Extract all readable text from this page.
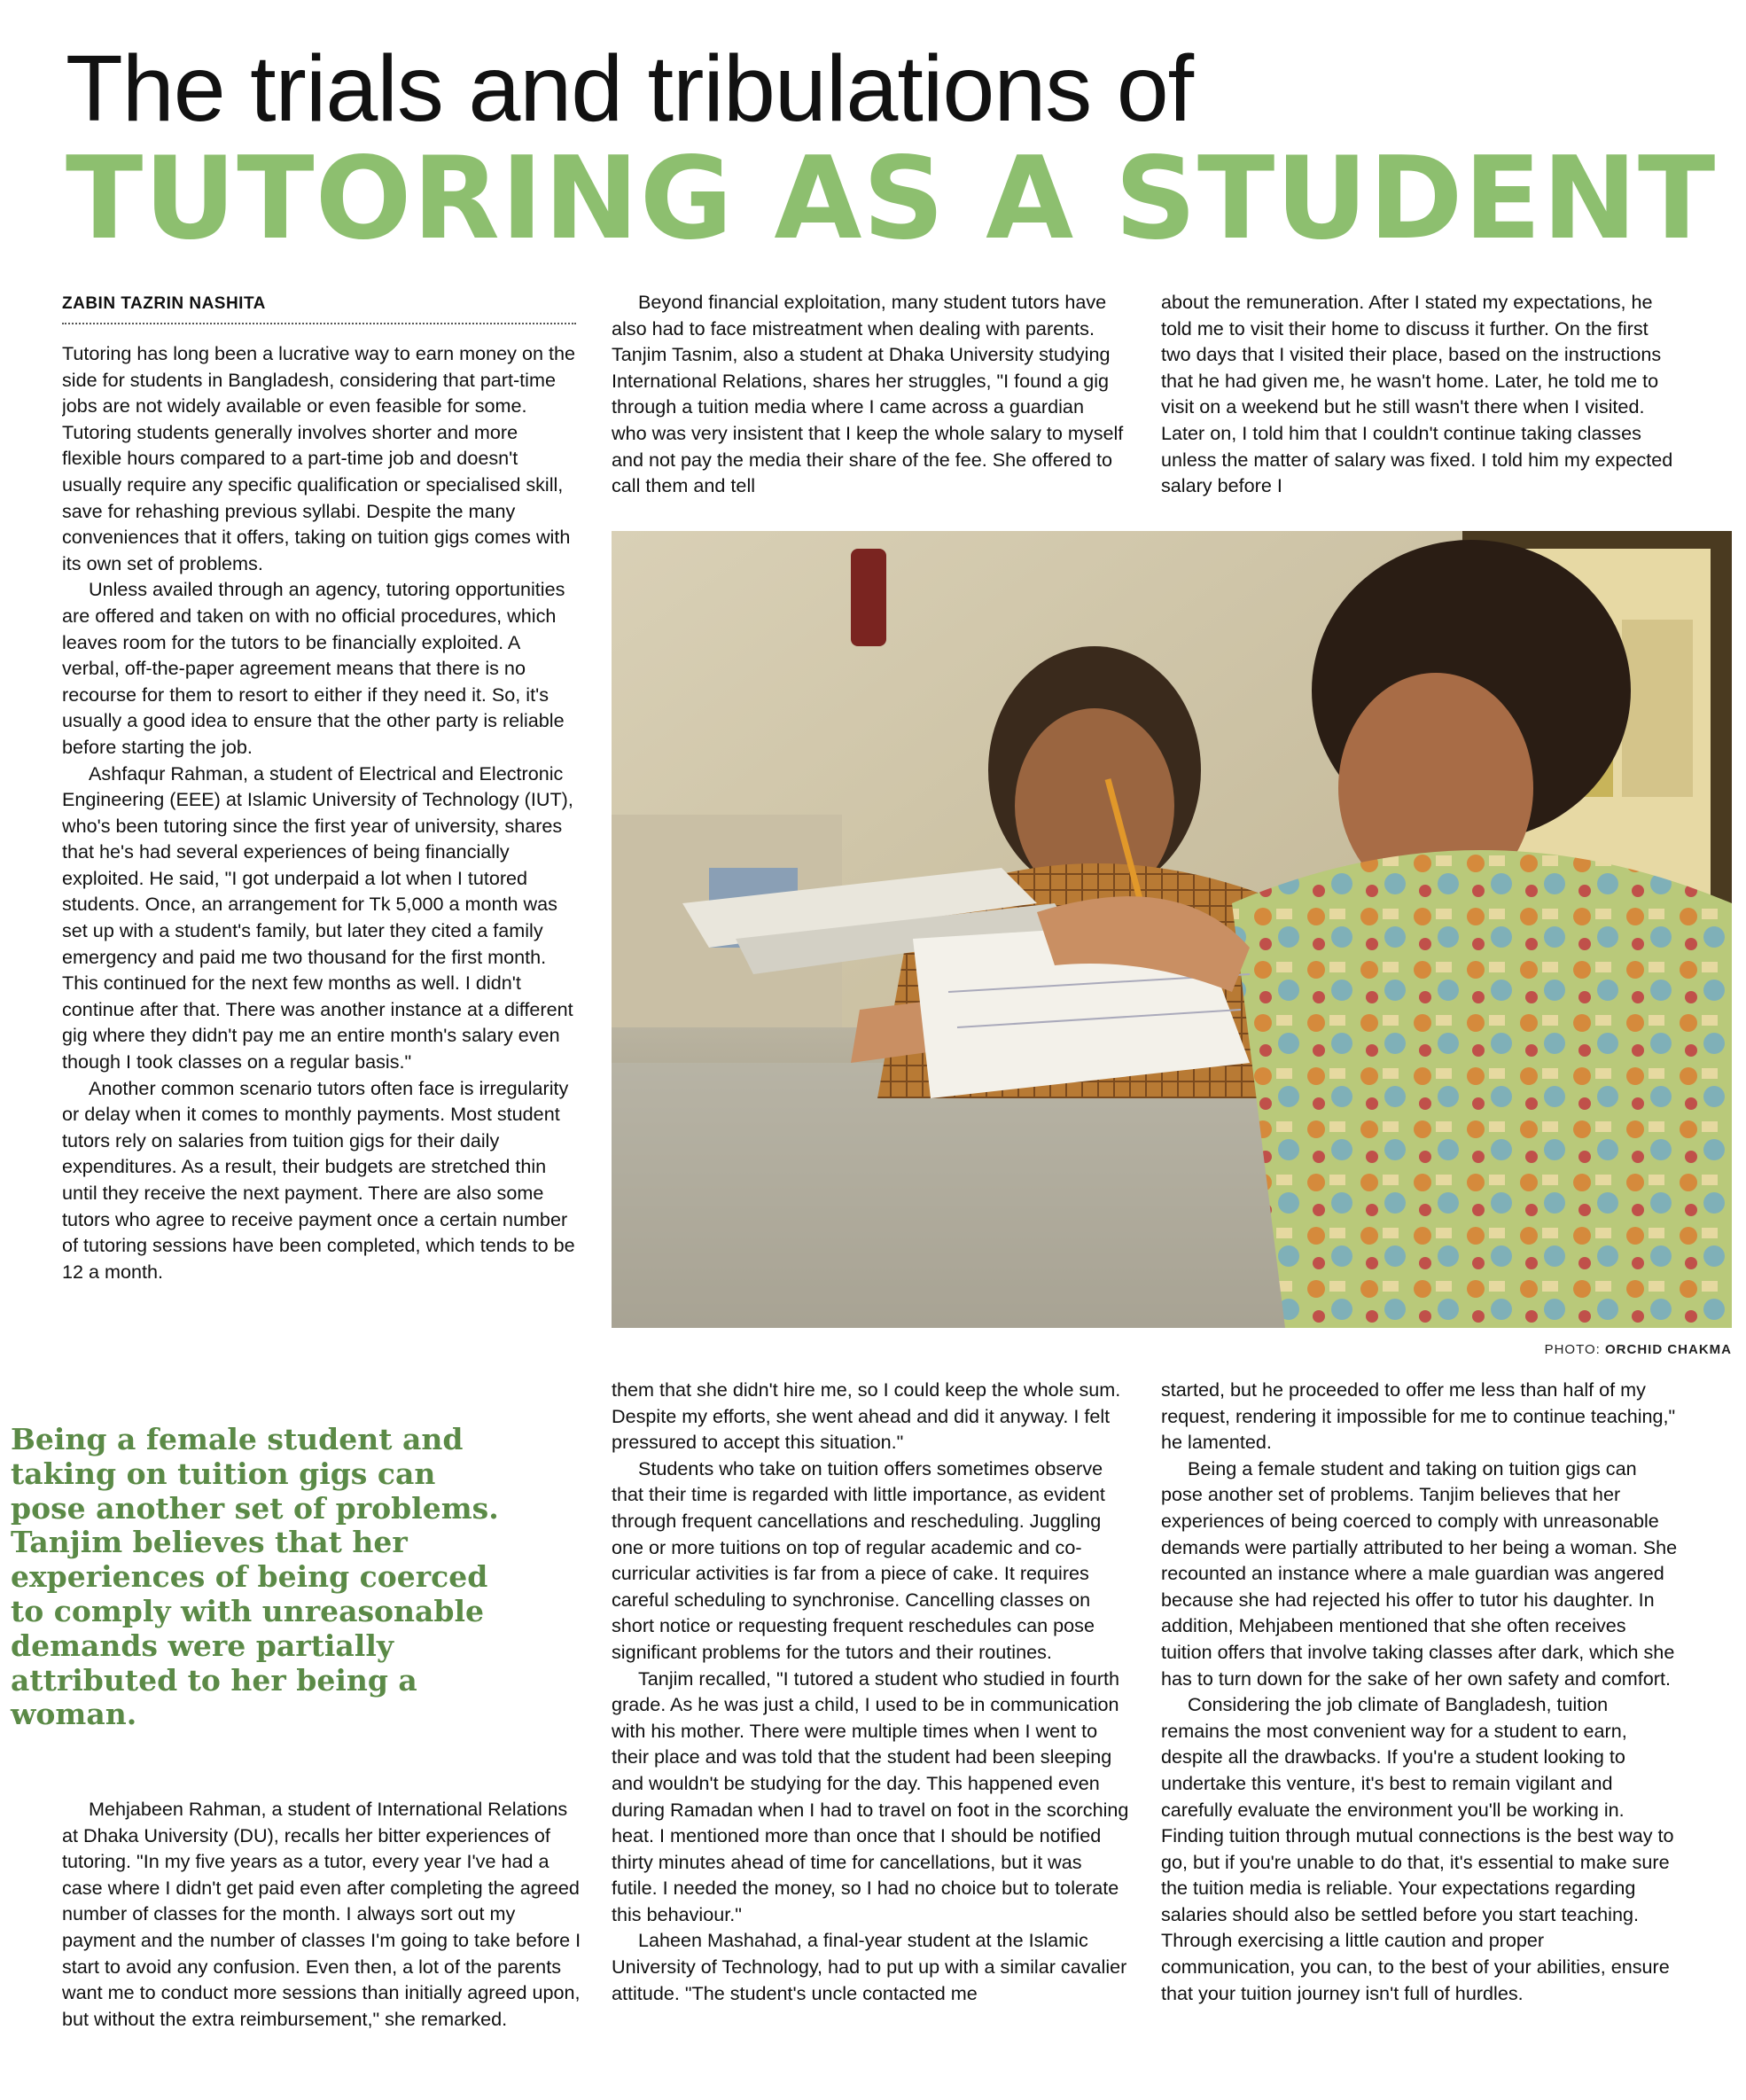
The trials and tribulations of
TUTORING AS A STUDENT
ZABIN TAZRIN NASHITA

Tutoring has long been a lucrative way to earn money on the side for students in Bangladesh, considering that part-time jobs are not widely available or even feasible for some. Tutoring students generally involves shorter and more flexible hours compared to a part-time job and doesn't usually require any specific qualification or specialised skill, save for rehashing previous syllabi. Despite the many conveniences that it offers, taking on tuition gigs comes with its own set of problems.

Unless availed through an agency, tutoring opportunities are offered and taken on with no official procedures, which leaves room for the tutors to be financially exploited. A verbal, off-the-paper agreement means that there is no recourse for them to resort to either if they need it. So, it's usually a good idea to ensure that the other party is reliable before starting the job.

Ashfaqur Rahman, a student of Electrical and Electronic Engineering (EEE) at Islamic University of Technology (IUT), who's been tutoring since the first year of university, shares that he's had several experiences of being financially exploited. He said, "I got underpaid a lot when I tutored students. Once, an arrangement for Tk 5,000 a month was set up with a student's family, but later they cited a family emergency and paid me two thousand for the first month. This continued for the next few months as well. I didn't continue after that. There was another instance at a different gig where they didn't pay me an entire month's salary even though I took classes on a regular basis."

Another common scenario tutors often face is irregularity or delay when it comes to monthly payments. Most student tutors rely on salaries from tuition gigs for their daily expenditures. As a result, their budgets are stretched thin until they receive the next payment. There are also some tutors who agree to receive payment once a certain number of tutoring sessions have been completed, which tends to be 12 a month.

Beyond financial exploitation, many student tutors have also had to face mistreatment when dealing with parents. Tanjim Tasnim, also a student at Dhaka University studying International Relations, shares her struggles, "I found a gig through a tuition media where I came across a guardian who was very insistent that I keep the whole salary to myself and not pay the media their share of the fee. She offered to call them and tell

about the remuneration. After I stated my expectations, he told me to visit their home to discuss it further. On the first two days that I visited their place, based on the instructions that he had given me, he wasn't home. Later, he told me to visit on a weekend but he still wasn't there when I visited. Later on, I told him that I couldn't continue taking classes unless the matter of salary was fixed. I told him my expected salary before I

PHOTO: ORCHID CHAKMA
Being a female student and taking on tuition gigs can pose another set of problems. Tanjim believes that her experiences of being coerced to comply with unreasonable demands were partially attributed to her being a woman.

them that she didn't hire me, so I could keep the whole sum. Despite my efforts, she went ahead and did it anyway. I felt pressured to accept this situation."

Students who take on tuition offers sometimes observe that their time is regarded with little importance, as evident through frequent cancellations and rescheduling. Juggling one or more tuitions on top of regular academic and co-curricular activities is far from a piece of cake. It requires careful scheduling to synchronise. Cancelling classes on short notice or requesting frequent reschedules can pose significant problems for the tutors and their routines.

Tanjim recalled, "I tutored a student who studied in fourth grade. As he was just a child, I used to be in communication with his mother. There were multiple times when I went to their place and was told that the student had been sleeping and wouldn't be studying for the day. This happened even during Ramadan when I had to travel on foot in the scorching heat. I mentioned more than once that I should be notified thirty minutes ahead of time for cancellations, but it was futile. I needed the money, so I had no choice but to tolerate this behaviour."

Laheen Mashahad, a final-year student at the Islamic University of Technology, had to put up with a similar cavalier attitude. "The student's uncle contacted me

started, but he proceeded to offer me less than half of my request, rendering it impossible for me to continue teaching," he lamented.

Being a female student and taking on tuition gigs can pose another set of problems. Tanjim believes that her experiences of being coerced to comply with unreasonable demands were partially attributed to her being a woman. She recounted an instance where a male guardian was angered because she had rejected his offer to tutor his daughter. In addition, Mehjabeen mentioned that she often receives tuition offers that involve taking classes after dark, which she has to turn down for the sake of her own safety and comfort.

Considering the job climate of Bangladesh, tuition remains the most convenient way for a student to earn, despite all the drawbacks. If you're a student looking to undertake this venture, it's best to remain vigilant and carefully evaluate the environment you'll be working in. Finding tuition through mutual connections is the best way to go, but if you're unable to do that, it's essential to make sure the tuition media is reliable. Your expectations regarding salaries should also be settled before you start teaching. Through exercising a little caution and proper communication, you can, to the best of your abilities, ensure that your tuition journey isn't full of hurdles.

Mehjabeen Rahman, a student of International Relations at Dhaka University (DU), recalls her bitter experiences of tutoring. "In my five years as a tutor, every year I've had a case where I didn't get paid even after completing the agreed number of classes for the month. I always sort out my payment and the number of classes I'm going to take before I start to avoid any confusion. Even then, a lot of the parents want me to conduct more sessions than initially agreed upon, but without the extra reimbursement," she remarked.
